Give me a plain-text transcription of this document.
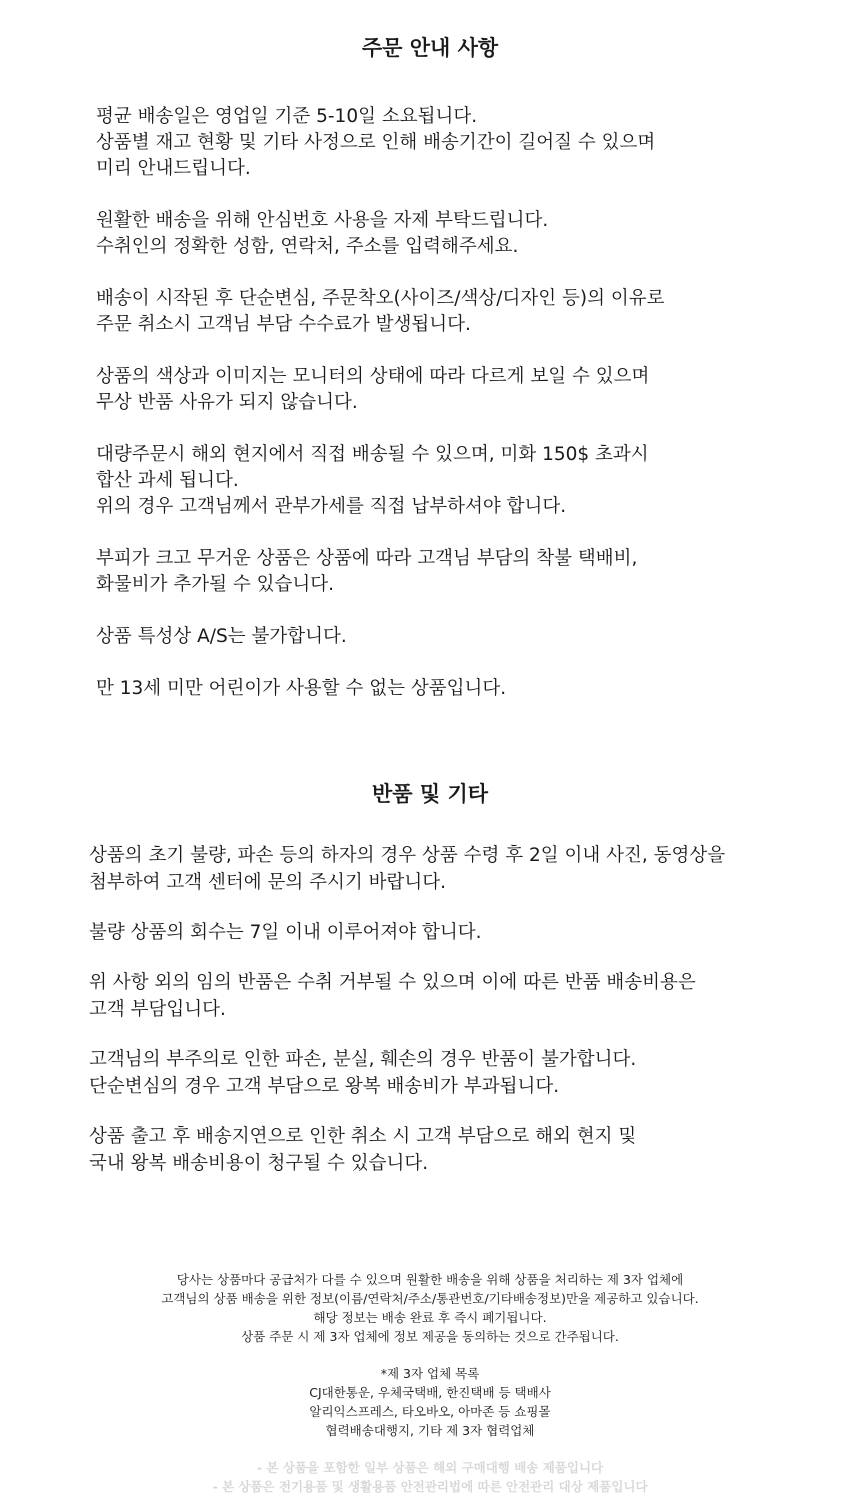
주문 안내 사항

평균 배송일은 영업일 기준 5-10일 소요됩니다.
상품별 재고 현황 및 기타 사정으로 인해 배송기간이 길어질 수 있으며
미리 안내드립니다.

원활한 배송을 위해 안심번호 사용을 자제 부탁드립니다.
수취인의 정확한 성함, 연락처, 주소를 입력해주세요.

배송이 시작된 후 단순변심, 주문착오(사이즈/색상/디자인 등)의 이유로
주문 취소시 고객님 부담 수수료가 발생됩니다.

상품의 색상과 이미지는 모니터의 상태에 따라 다르게 보일 수 있으며
무상 반품 사유가 되지 않습니다.

대량주문시 해외 현지에서 직접 배송될 수 있으며, 미화 150$ 초과시
합산 과세 됩니다.
위의 경우 고객님께서 관부가세를 직접 납부하셔야 합니다.

부피가 크고 무거운 상품은 상품에 따라 고객님 부담의 착불 택배비,
화물비가 추가될 수 있습니다.

상품 특성상 A/S는 불가합니다.

만 13세 미만 어린이가 사용할 수 없는 상품입니다.

반품 및 기타

상품의 초기 불량, 파손 등의 하자의 경우 상품 수령 후 2일 이내 사진, 동영상을
첨부하여 고객 센터에 문의 주시기 바랍니다.

불량 상품의 회수는 7일 이내 이루어져야 합니다.

위 사항 외의 임의 반품은 수취 거부될 수 있으며 이에 따른 반품 배송비용은
고객 부담입니다.

고객님의 부주의로 인한 파손, 분실, 훼손의 경우 반품이 불가합니다.
단순변심의 경우 고객 부담으로 왕복 배송비가 부과됩니다.

상품 출고 후 배송지연으로 인한 취소 시 고객 부담으로 해외 현지 및
국내 왕복 배송비용이 청구될 수 있습니다.

당사는 상품마다 공급처가 다를 수 있으며 원활한 배송을 위해 상품을 처리하는 제 3자 업체에
고객님의 상품 배송을 위한 정보(이름/연락처/주소/통관번호/기타배송정보)만을 제공하고 있습니다.
해당 정보는 배송 완료 후 즉시 폐기됩니다.
상품 주문 시 제 3자 업체에 정보 제공을 동의하는 것으로 간주됩니다.
*제 3자 업체 목록
CJ대한통운, 우체국택배, 한진택배 등 택배사
알리익스프레스, 타오바오, 아마존 등 쇼핑몰
협력배송대행지, 기타 제 3자 협력업체
- 본 상품을 포함한 일부 상품은 해외 구매대행 배송 제품입니다
- 본 상품은 전기용품 및 생활용품 안전관리법에 따른 안전관리 대상 제품입니다
